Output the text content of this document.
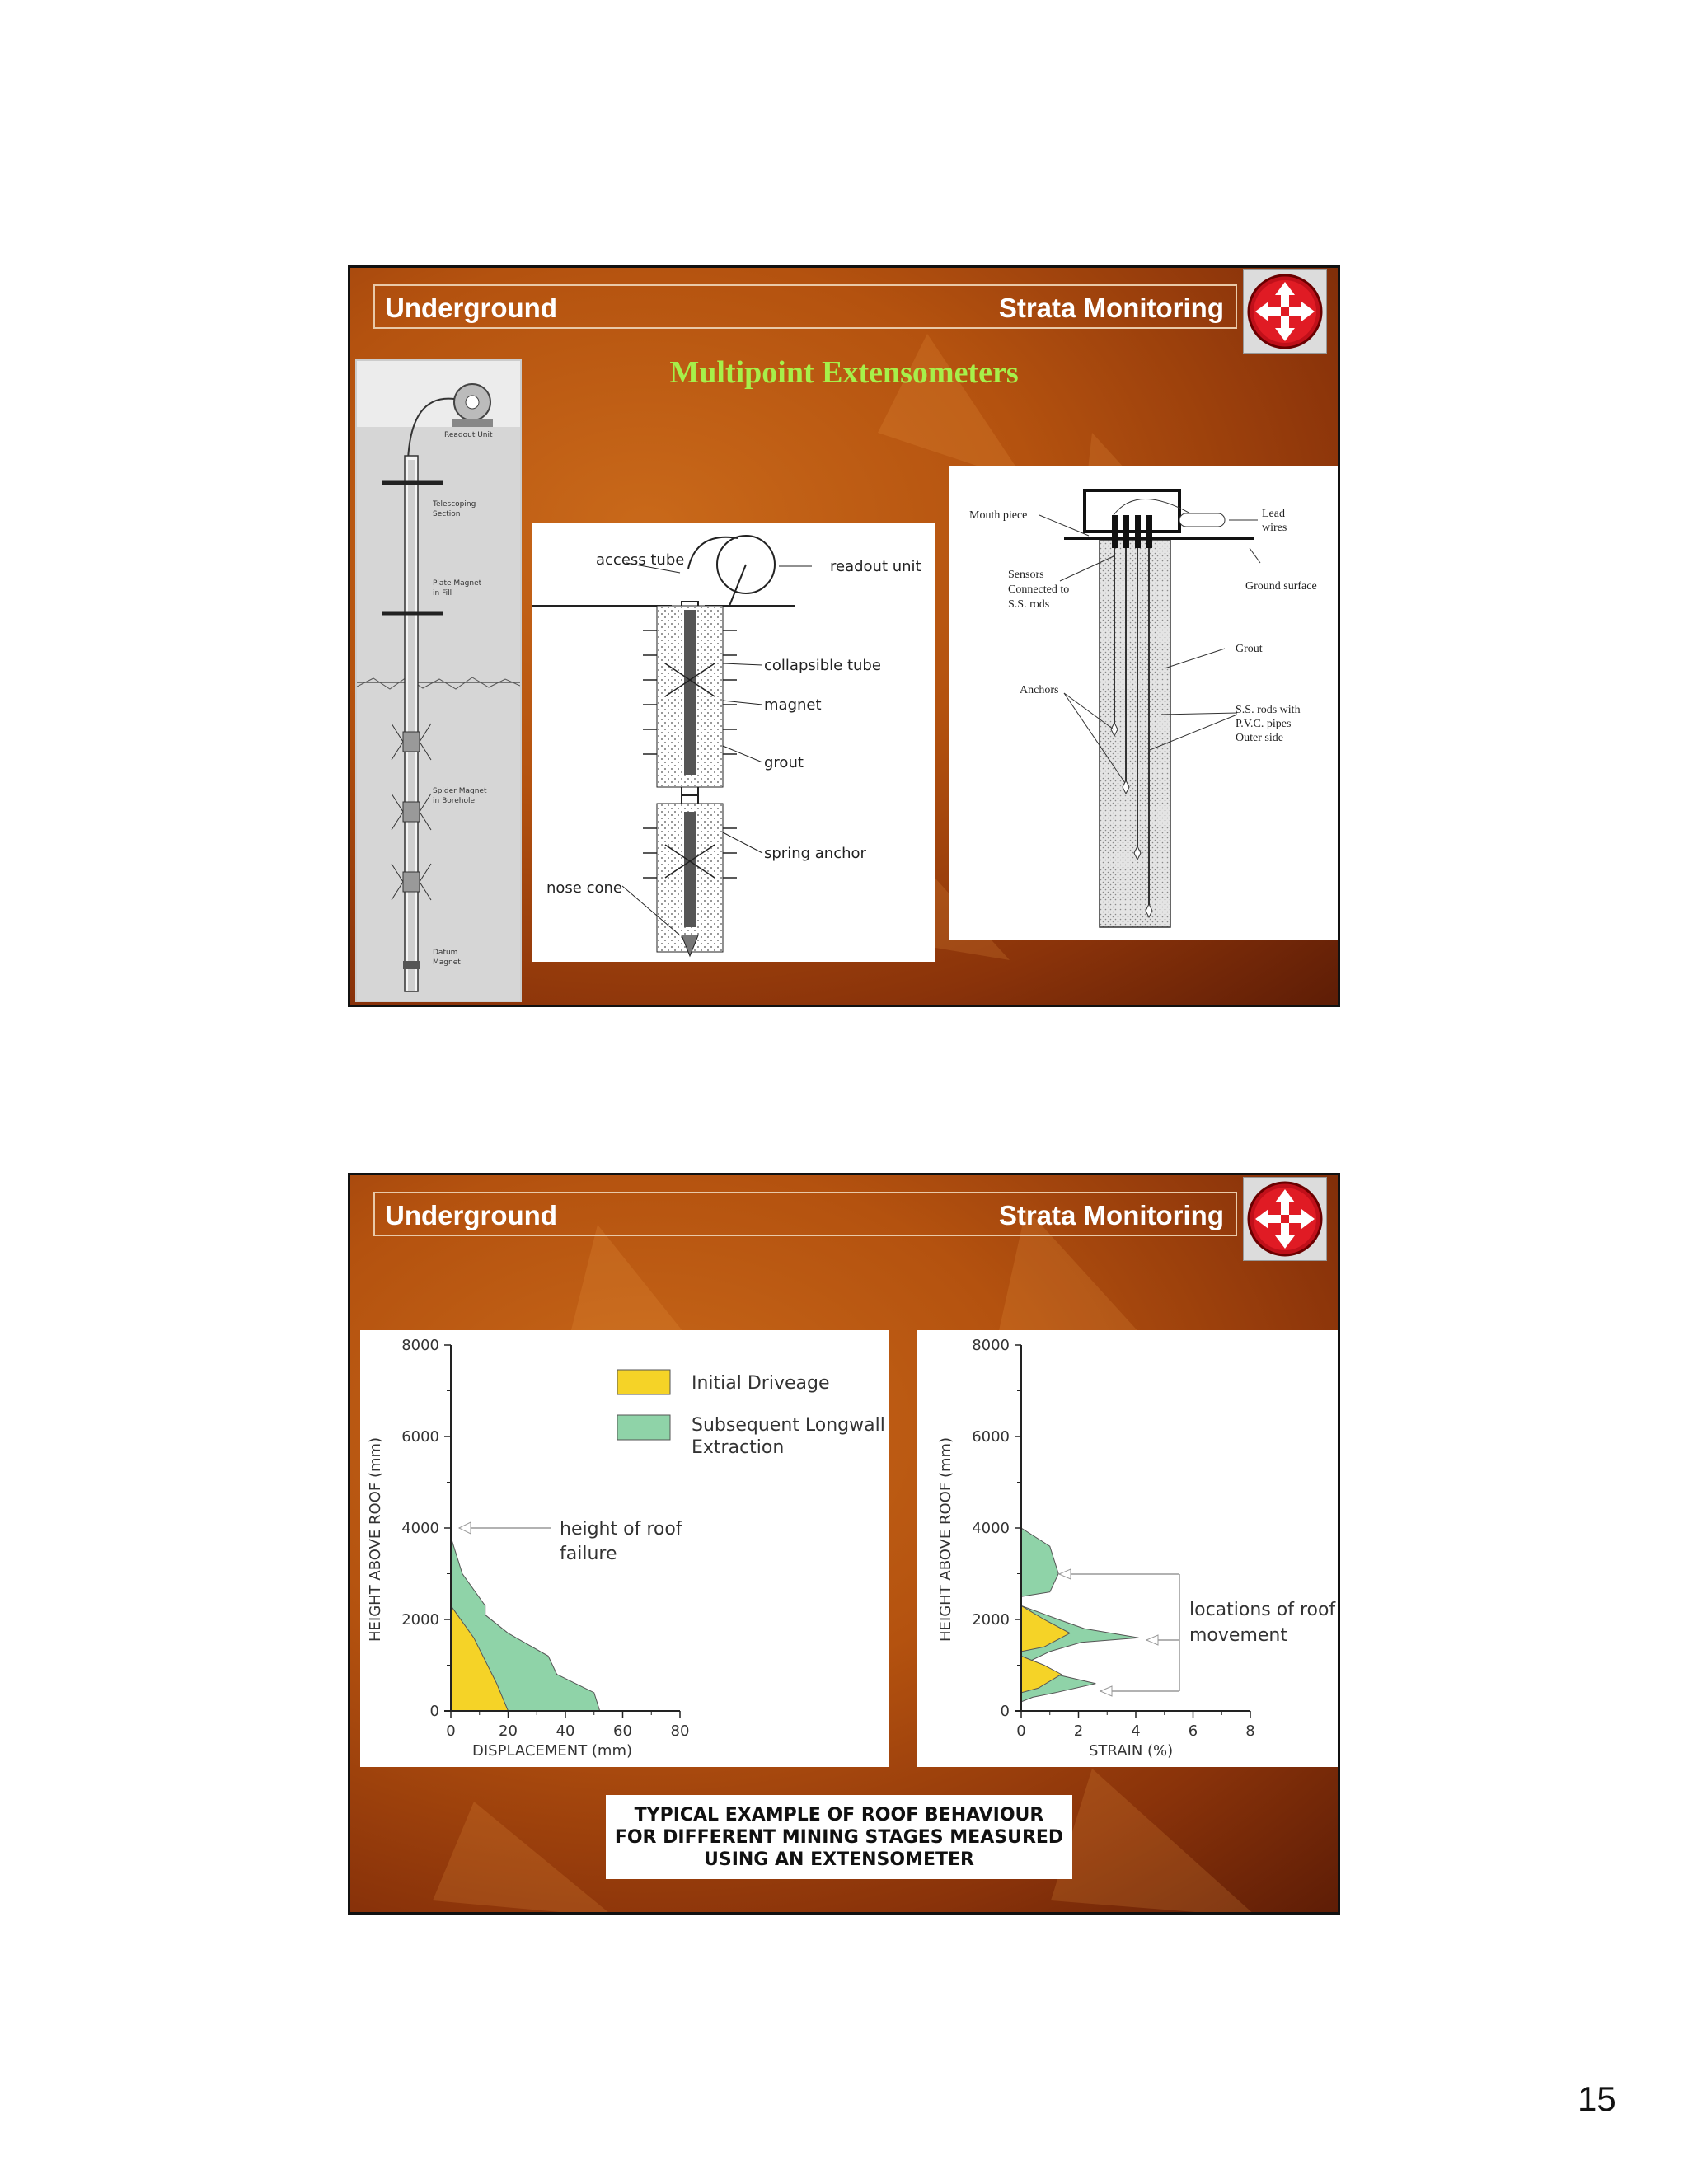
Underground	Strata Monitoring
Multipoint Extensometers
Readout Unit
Telescoping
Section
Plate Magnet
in Fill
Spider Magnet
in Borehole
Datum
Magnet
access tube	readout unit
collapsible tube
magnet
grout
spring anchor
nose cone
Mouth piece	Lead
wires
Ground surface
Sensors
Connected to
S.S. rods
Grout
Anchors
S.S. rods with
P.V.C. pipes
Outer side
Underground	Strata Monitoring
0	20	40	60	80
0
2000
4000
6000
8000
DISPLACEMENT (mm)
HEIGHT ABOVE ROOF (mm)
Initial Driveage
Subsequent Longwall
Extraction
height of roof
failure
0	2	4	6	8
0
2000
4000
6000
8000
STRAIN (%)
HEIGHT ABOVE ROOF (mm)	locations of roof
movement
TYPICAL EXAMPLE OF ROOF BEHAVIOUR
FOR DIFFERENT MINING STAGES MEASURED
USING AN EXTENSOMETER
15
